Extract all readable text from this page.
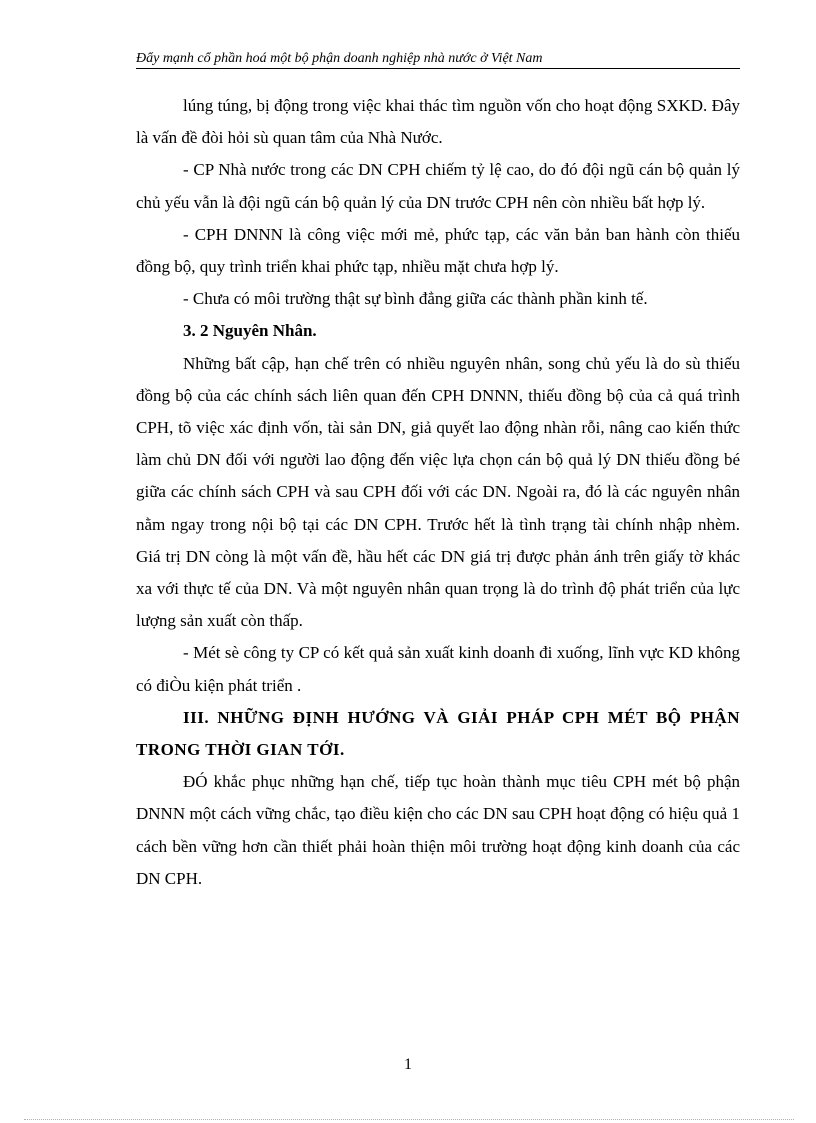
Đẩy mạnh cổ phần hoá một bộ phận doanh nghiệp nhà nước ở Việt Nam

lúng túng, bị động trong việc khai thác tìm nguồn vốn cho hoạt động SXKD. Đây là vấn đề đòi hỏi sù quan tâm của Nhà Nước.

- CP Nhà nước trong các DN CPH chiếm tỷ lệ cao, do đó đội ngũ cán bộ quản lý chủ yếu vẫn là đội ngũ cán bộ quản lý của DN trước CPH nên còn nhiều bất hợp lý.

- CPH DNNN là công việc mới mẻ, phức tạp, các văn bản ban hành còn thiếu đồng bộ, quy trình triển khai phức tạp, nhiều mặt chưa hợp lý.

- Chưa có môi trường thật sự bình đẳng giữa các thành phần kinh tế.

3. 2 Nguyên Nhân.

Những bất cập, hạn chế trên có nhiều nguyên nhân, song chủ yếu là do sù thiếu đồng bộ của các chính sách liên quan đến CPH DNNN, thiếu đồng bộ của cả quá trình CPH, tõ việc xác định vốn, tài sản DN, giả quyết lao động nhàn rỗi, nâng cao kiến thức làm chủ DN đối với người lao động đến việc lựa chọn cán bộ quả lý DN thiếu đồng bé giữa các chính sách CPH và sau CPH đối với các DN. Ngoài ra, đó là các nguyên nhân nằm ngay trong nội bộ tại các DN CPH. Trước hết là tình trạng tài chính nhập nhèm. Giá trị DN còng là một vấn đề, hầu hết các DN giá trị được phản ánh trên giấy tờ khác xa với thực tế của DN. Và một nguyên nhân quan trọng là do trình độ phát triển của lực lượng sản xuất còn thấp.

- Mét sè công ty CP có kết quả sản xuất kinh doanh đi xuống, lĩnh vực KD không có điÒu kiện phát triển .

III. NHỮNG ĐỊNH HƯỚNG VÀ GIẢI PHÁP CPH MÉT BỘ PHẬN TRONG THỜI GIAN TỚI.

ĐÓ khắc phục những hạn chế, tiếp tục hoàn thành mục tiêu CPH mét bộ phận DNNN một cách vững chắc, tạo điều kiện cho các DN sau CPH hoạt động có hiệu quả 1 cách bền vững hơn cần thiết phải hoàn thiện môi trường hoạt động kinh doanh của các DN CPH.

1
